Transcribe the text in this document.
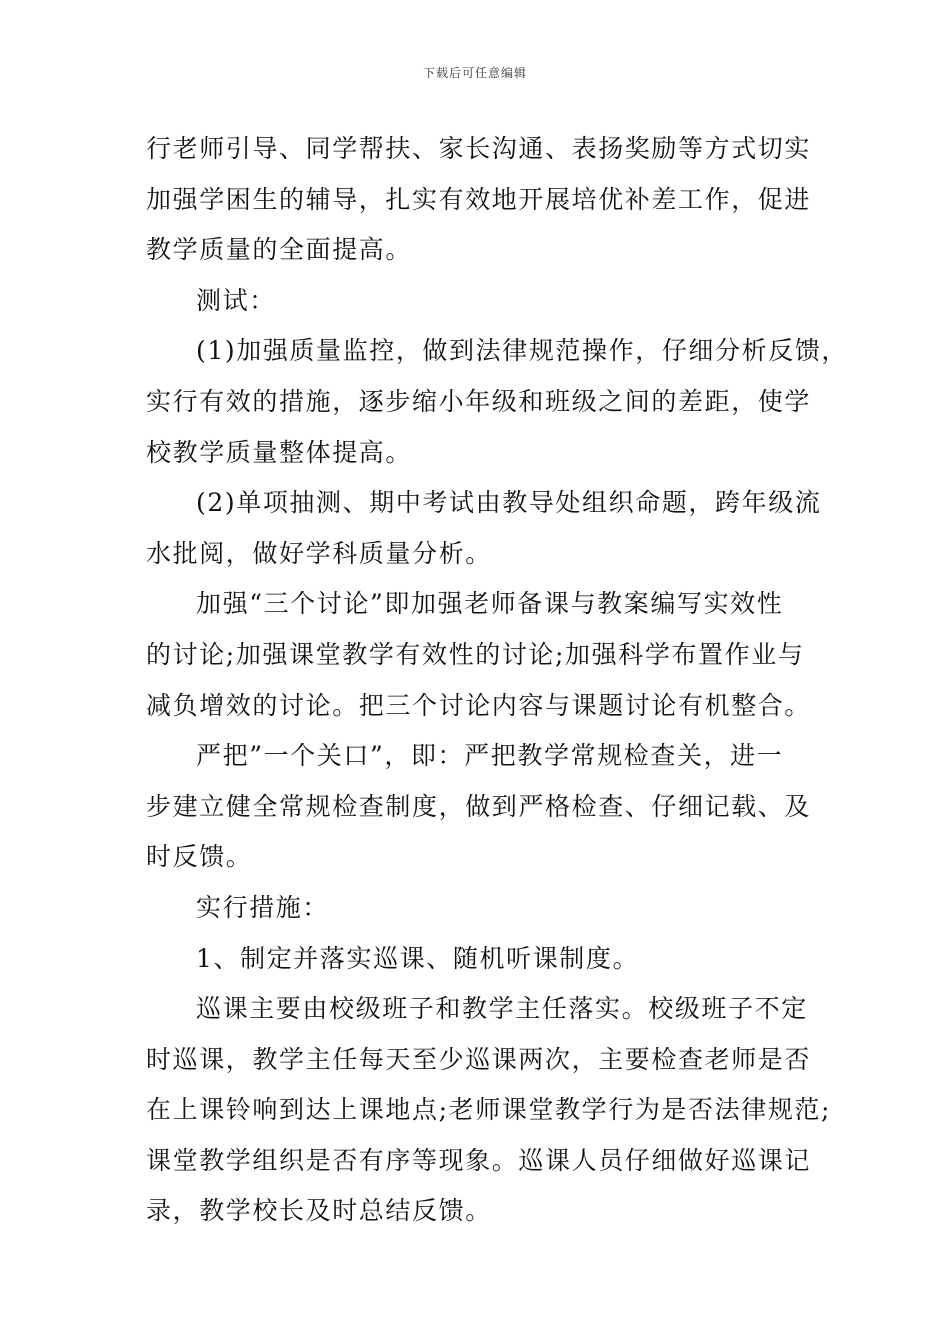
下载后可任意编辑
行老师引导、同学帮扶、家长沟通、表扬奖励等方式切实
加强学困生的辅导，扎实有效地开展培优补差工作，促进
教学质量的全面提高。
测试：
(1)加强质量监控，做到法律规范操作，仔细分析反馈，
实行有效的措施，逐步缩小年级和班级之间的差距，使学
校教学质量整体提高。
(2)单项抽测、期中考试由教导处组织命题，跨年级流
水批阅，做好学科质量分析。
加强“三个讨论”即加强老师备课与教案编写实效性
的讨论;加强课堂教学有效性的讨论;加强科学布置作业与
减负增效的讨论。把三个讨论内容与课题讨论有机整合。
严把”一个关口”，即：严把教学常规检查关，进一
步建立健全常规检查制度，做到严格检查、仔细记载、及
时反馈。
实行措施：
1、制定并落实巡课、随机听课制度。
巡课主要由校级班子和教学主任落实。校级班子不定
时巡课，教学主任每天至少巡课两次，主要检查老师是否
在上课铃响到达上课地点;老师课堂教学行为是否法律规范;
课堂教学组织是否有序等现象。巡课人员仔细做好巡课记
录，教学校长及时总结反馈。
